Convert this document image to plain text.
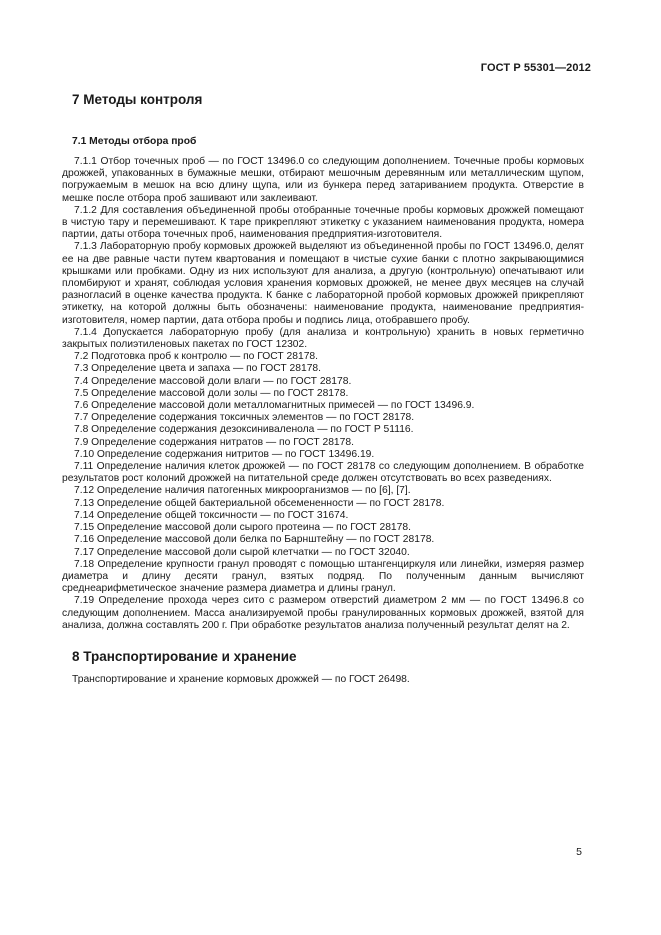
ГОСТ Р 55301—2012
7 Методы контроля
7.1 Методы отбора проб

7.1.1 Отбор точечных проб — по ГОСТ 13496.0 со следующим дополнением. Точечные пробы кормовых дрожжей, упакованных в бумажные мешки, отбирают мешочным деревянным или металлическим щупом, погружаемым в мешок на всю длину щупа, или из бункера перед затариванием продукта. Отверстие в мешке после отбора проб зашивают или заклеивают.

7.1.2 Для составления объединенной пробы отобранные точечные пробы кормовых дрожжей помещают в чистую тару и перемешивают. К таре прикрепляют этикетку с указанием наименования продукта, номера партии, даты отбора точечных проб, наименования предприятия-изготовителя.

7.1.3 Лабораторную пробу кормовых дрожжей выделяют из объединенной пробы по ГОСТ 13496.0, делят ее на две равные части путем квартования и помещают в чистые сухие банки с плотно закрывающимися крышками или пробками. Одну из них используют для анализа, а другую (контрольную) опечатывают или пломбируют и хранят, соблюдая условия хранения кормовых дрожжей, не менее двух месяцев на случай разногласий в оценке качества продукта. К банке с лабораторной пробой кормовых дрожжей прикрепляют этикетку, на которой должны быть обозначены: наименование продукта, наименование предприятия-изготовителя, номер партии, дата отбора пробы и подпись лица, отобравшего пробу.

7.1.4 Допускается лабораторную пробу (для анализа и контрольную) хранить в новых герметично закрытых полиэтиленовых пакетах по ГОСТ 12302.

7.2 Подготовка проб к контролю — по ГОСТ 28178.

7.3 Определение цвета и запаха — по ГОСТ 28178.

7.4 Определение массовой доли влаги — по ГОСТ 28178.

7.5 Определение массовой доли золы — по ГОСТ 28178.

7.6 Определение массовой доли металломагнитных примесей — по ГОСТ 13496.9.

7.7 Определение содержания токсичных элементов — по ГОСТ 28178.

7.8 Определение содержания дезоксиниваленола — по ГОСТ Р 51116.

7.9 Определение содержания нитратов — по ГОСТ 28178.

7.10 Определение содержания нитритов — по ГОСТ 13496.19.

7.11 Определение наличия клеток дрожжей — по ГОСТ 28178 со следующим дополнением. В обработке результатов рост колоний дрожжей на питательной среде должен отсутствовать во всех разведениях.

7.12 Определение наличия патогенных микроорганизмов — по [6], [7].

7.13 Определение общей бактериальной обсемененности — по ГОСТ 28178.

7.14 Определение общей токсичности — по ГОСТ 31674.

7.15 Определение массовой доли сырого протеина — по ГОСТ 28178.

7.16 Определение массовой доли белка по Барнштейну — по ГОСТ 28178.

7.17 Определение массовой доли сырой клетчатки — по ГОСТ 32040.

7.18 Определение крупности гранул проводят с помощью штангенциркуля или линейки, измеряя размер диаметра и длину десяти гранул, взятых подряд. По полученным данным вычисляют среднеарифметическое значение размера диаметра и длины гранул.

7.19 Определение прохода через сито с размером отверстий диаметром 2 мм — по ГОСТ 13496.8 со следующим дополнением. Масса анализируемой пробы гранулированных кормовых дрожжей, взятой для анализа, должна составлять 200 г. При обработке результатов анализа полученный результат делят на 2.

8 Транспортирование и хранение

Транспортирование и хранение кормовых дрожжей — по ГОСТ 26498.

5
